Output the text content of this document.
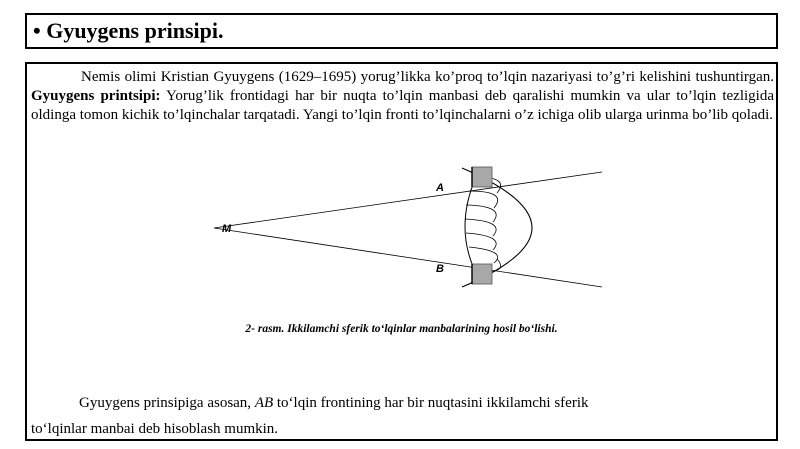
• Gyuygens prinsipi.

Nemis olimi Kristian Gyuygens (1629–1695) yorug’likka ko’proq to’lqin nazariyasi to’g’ri kelishini tushuntirgan. Gyuygens printsipi: Yorug’lik frontidagi har bir nuqta to’lqin manbasi deb qaralishi mumkin va ular to’lqin tezligida oldinga tomon kichik to’lqinchalar tarqatadi. Yangi to’lqin fronti to’lqinchalarni o’z ichiga olib ularga urinma bo’lib qoladi.

M
A
B
2- rasm. Ikkilamchi sferik to‘lqinlar manbalarining hosil bo‘lishi.
Gyuygens prinsipiga asosan, AB to‘lqin frontining har bir nuqtasini ikkilamchi sferik
to‘lqinlar manbai deb hisoblash mumkin.
